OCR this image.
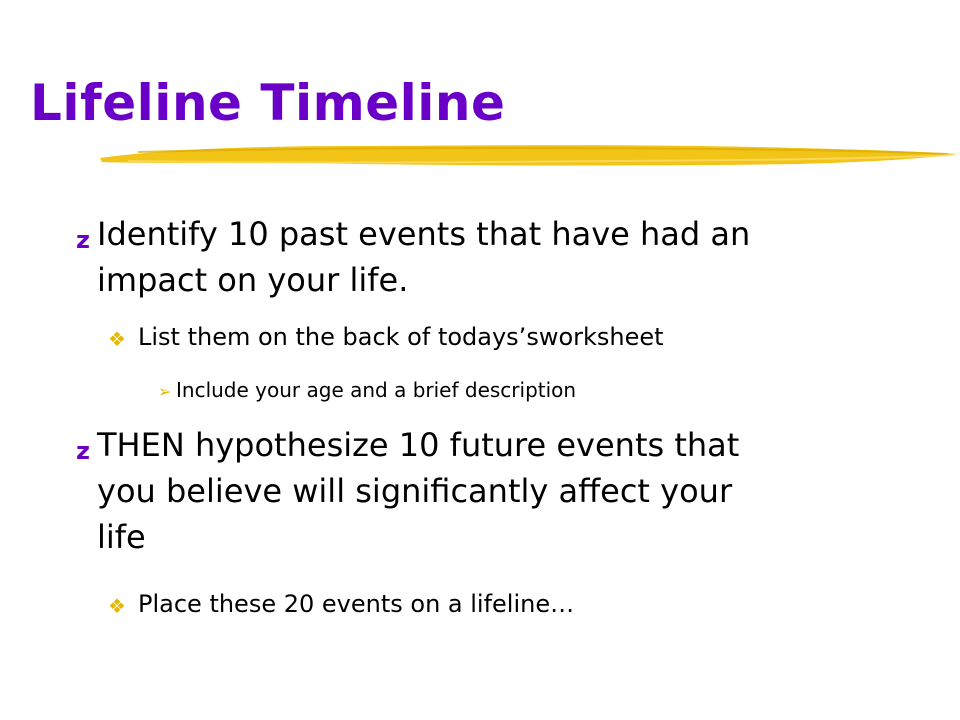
Lifeline Timeline
z Identify 10 past events that have had an
impact on your life.
❖ List them on the back of todays’sworksheet
➢ Include your age and a brief description
z THEN hypothesize 10 future events that
you believe will significantly affect your
life
❖ Place these 20 events on a lifeline…
